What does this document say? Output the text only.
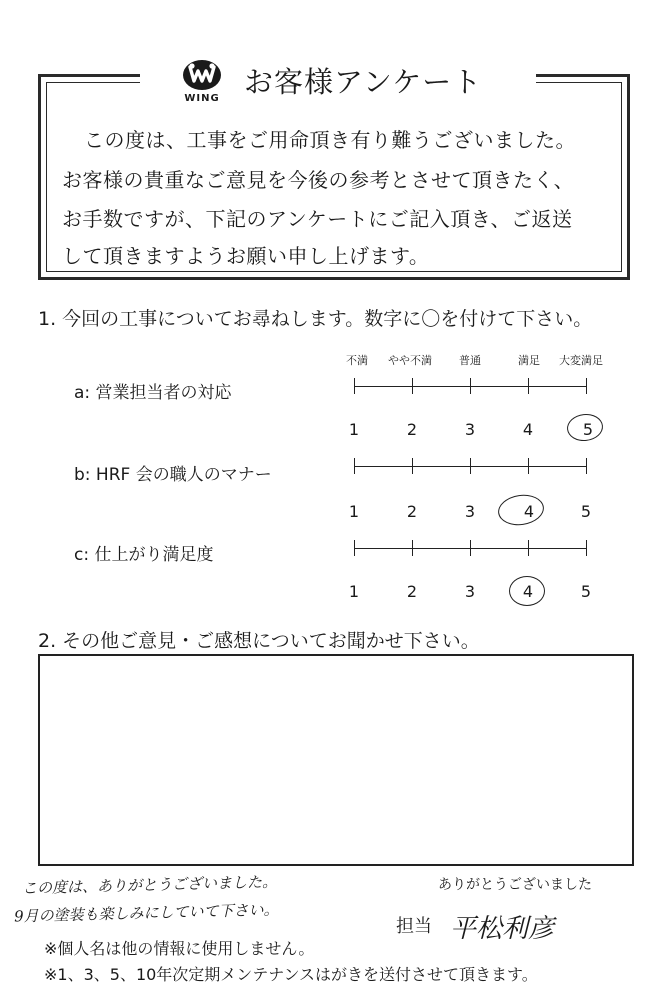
WING お客様アンケート
この度は、工事をご用命頂き有り難うございました。
お客様の貴重なご意見を今後の参考とさせて頂きたく、
お手数ですが、下記のアンケートにご記入頂き、ご返送
して頂きますようお願い申し上げます。
1. 今回の工事についてお尋ねします。数字に〇を付けて下さい。
不満 やや不満 普通	満足 大変満足
a: 営業担当者の対応
1	2	3	4	5
b: HRF 会の職人のマナー
1	2	3	4	5
c: 仕上がり満足度
1	2	3	4	5
2. その他ご意見・ご感想についてお聞かせ下さい。
この度は、ありがとうございました。
9月の塗装も楽しみにしていて下さい。
ありがとうございました
担当 平松利彦
※個人名は他の情報に使用しません。
※1、3、5、10年次定期メンテナンスはがきを送付させて頂きます。
